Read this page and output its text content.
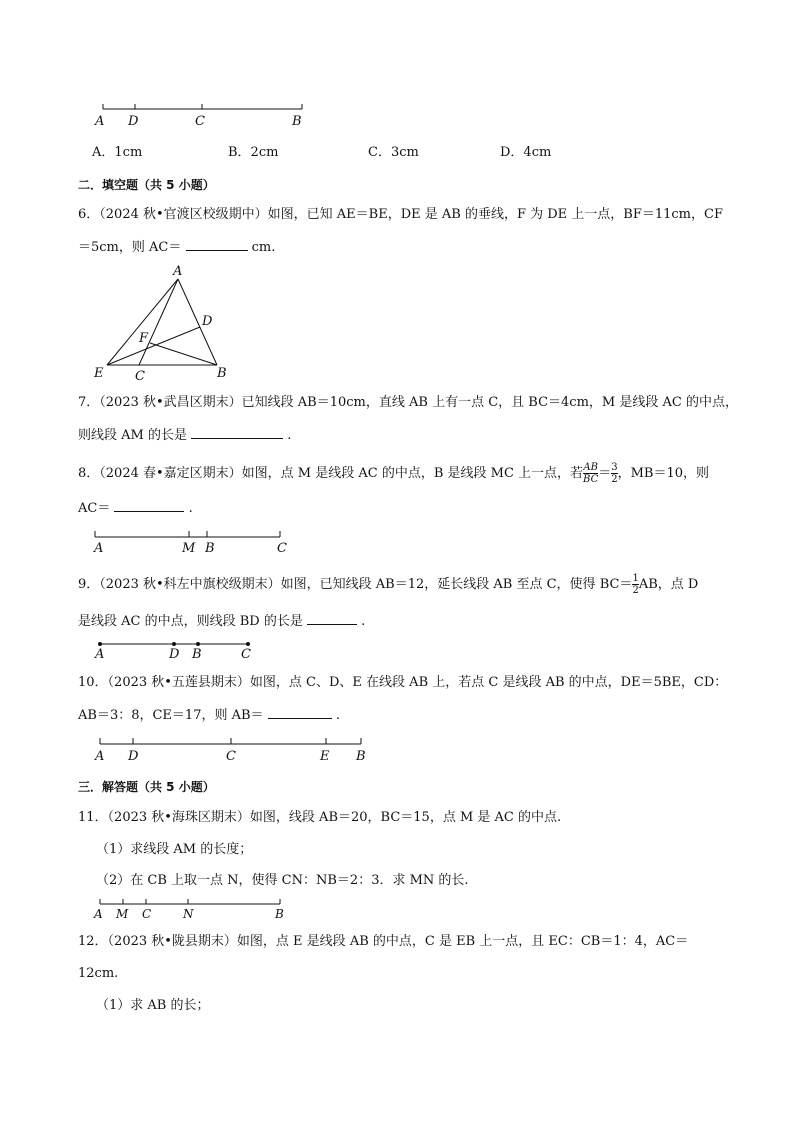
A D	C	B
A．1cm	B．2cm	C．3cm	D．4cm
二．填空题（共 5 小题）
6．（2024 秋•官渡区校级期中）如图，已知 AE＝BE，DE 是 AB 的垂线，F 为 DE 上一点，BF＝11cm，CF
＝5cm，则 AC＝	cm.
A
D
F
E C	B
7．（2023 秋•武昌区期末）已知线段 AB＝10cm，直线 AB 上有一点 C，且 BC＝4cm，M 是线段 AC 的中点，
则线段 AM 的长是	.
8．（2024 春•嘉定区期末）如图，点 M 是线段 AC 的中点，B 是线段 MC 上一点，若 $\frac{AB}{BC} = \frac{3}{2}$ ，MB＝10，则
AC＝	.
A	M B	C
9．（2023 秋•科左中旗校级期末）如图，已知线段 AB＝12，延长线段 AB 至点 C，使得 $BC= \frac{1}{2}$ AB，点 D
是线段 AC 的中点，则线段 BD 的长是	.
A	D B	C
10．（2023 秋•五莲县期末）如图，点 C、D、E 在线段 AB 上，若点 C 是线段 AB 的中点，DE＝5BE，CD：
AB＝3：8，CE＝17，则 AB＝	.
A D	C	E B
三．解答题（共 5 小题）
11．（2023 秋•海珠区期末）如图，线段 AB＝20，BC＝15，点 M 是 AC 的中点.
（1）求线段 AM 的长度；
（2）在 CB 上取一点 N，使得 CN：NB＝2：3．求 MN 的长.
A M C	N	B
12．（2023 秋•陇县期末）如图，点 E 是线段 AB 的中点，C 是 EB 上一点，且 EC：CB＝1：4，AC＝
12cm.
（1）求 AB 的长；
